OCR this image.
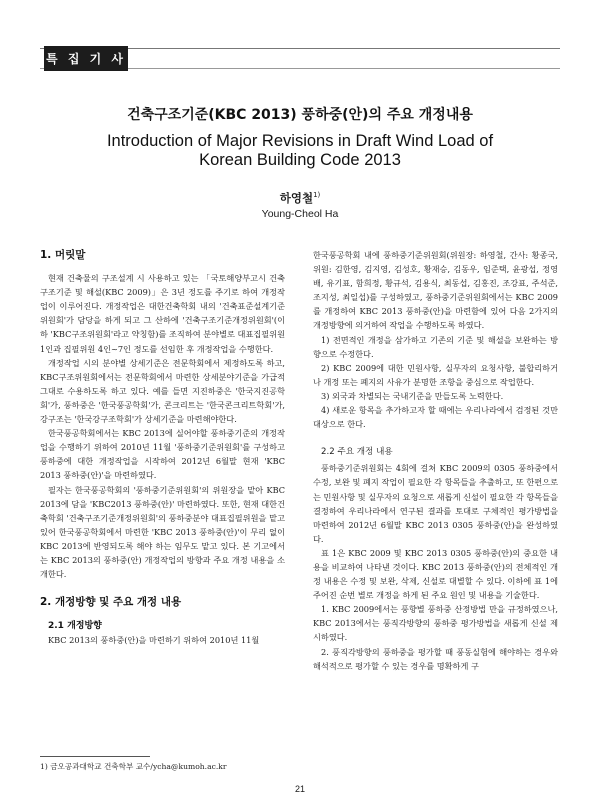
특 집 기 사
건축구조기준(KBC 2013) 풍하중(안)의 주요 개정내용
Introduction of Major Revisions in Draft Wind Load of
Korean Building Code 2013
하영철$^{1)}$
Young-Cheol Ha

1. 머릿말

현재 건축물의 구조설계 시 사용하고 있는 「국토해양부고시 건축구조기준 및 해설(KBC 2009)」은 3년 정도를 주기로 하여 개정작업이 이루어진다. 개정작업은 대한건축학회 내의 '건축표준설계기준위원회'가 담당을 하게 되고 그 산하에 '건축구조기준개정위원회'(이하 'KBC구조위원회'라고 약칭함)를 조직하여 분야별로 대표집필위원 1인과 집필위원 4인~7인 정도를 선임한 후 개정작업을 수행한다.

개정작업 시의 분야별 상세기준은 전문학회에서 제정하도록 하고, KBC구조위원회에서는 전문학회에서 마련한 상세분야기준을 가급적 그대로 수용하도록 하고 있다. 예를 들면 지진하중은 '한국지진공학회'가, 풍하중은 '한국풍공학회'가, 콘크리트는 '한국콘크리트학회'가, 강구조는 '한국강구조학회'가 상세기준을 마련해야한다.

한국풍공학회에서는 KBC 2013에 실어야할 풍하중기준의 개정작업을 수행하기 위하여 2010년 11월 '풍하중기준위원회'를 구성하고 풍하중에 대한 개정작업을 시작하여 2012년 6월말 현재 'KBC 2013 풍하중(안)'을 마련하였다.

필자는 한국풍공학회의 '풍하중기준위원회'의 위원장을 맡아 KBC 2013에 담을 'KBC2013 풍하중(안)' 마련하였다. 또한, 현재 대한건축학회 '건축구조기준개정위원회'의 풍하중분야 대표집필위원을 맡고 있어 한국풍공학회에서 마련한 'KBC 2013 풍하중(안)'이 무리 없이 KBC 2013에 반영되도록 해야 하는 임무도 맡고 있다. 본 기고에서는 KBC 2013의 풍하중(안) 개정작업의 방향과 주요 개정 내용을 소개한다.

2. 개정방향 및 주요 개정 내용

2.1 개정방향

KBC 2013의 풍하중(안)을 마련하기 위하여 2010년 11월

한국풍공학회 내에 풍하중기준위원회(위원장: 하영철, 간사: 황종국, 위원: 김한영, 김지영, 김성호, 황재승, 김동우, 임준택, 윤광섭, 정영배, 유기표, 함희정, 황규석, 김용식, 최동섭, 김홍진, 조강표, 주석준, 조지성, 최일섭)를 구성하였고, 풍하중기준위원회에서는 KBC 2009를 개정하여 KBC 2013 풍하중(안)을 마련함에 있어 다음 2가지의 개정방향에 의거하여 작업을 수행하도록 하였다.

1) 전면적인 개정을 삼가하고 기존의 기준 및 해설을 보완하는 방향으로 수정한다.

2) KBC 2009에 대한 민원사항, 실무자의 요청사항, 불합리하거나 개정 또는 폐지의 사유가 분명한 조항을 중심으로 작업한다.

3) 외국과 차별되는 국내기준을 만들도록 노력한다.

4) 새로운 항목을 추가하고자 할 때에는 우리나라에서 검정된 것만 대상으로 한다.

2.2 주요 개정 내용

풍하중기준위원회는 4회에 걸쳐 KBC 2009의 0305 풍하중에서 수정, 보완 및 폐지 작업이 필요한 각 항목들을 추출하고, 또 한편으로는 민원사항 및 실무자의 요청으로 새롭게 신설이 필요한 각 항목들을 결정하여 우리나라에서 연구된 결과를 토대로 구체적인 평가방법을 마련하여 2012년 6월말 KBC 2013 0305 풍하중(안)을 완성하였다.

표 1은 KBC 2009 및 KBC 2013 0305 풍하중(안)의 중요한 내용을 비교하여 나타낸 것이다. KBC 2013 풍하중(안)의 전체적인 개정 내용은 수정 및 보완, 삭제, 신설로 대별할 수 있다. 이하에 표 1에 주어진 순번 별로 개정을 하게 된 주요 원인 및 내용을 기술한다.

1. KBC 2009에서는 풍향별 풍하중 산정방법 만을 규정하였으나, KBC 2013에서는 풍직각방향의 풍하중 평가방법을 새롭게 신설 제시하였다.

2. 풍직각방향의 풍하중을 평가할 때 풍동실험에 해야하는 경우와 해석적으로 평가할 수 있는 경우를 명확하게 구

1) 금오공과대학교 건축학부 교수/ycha@kumoh.ac.kr
21
